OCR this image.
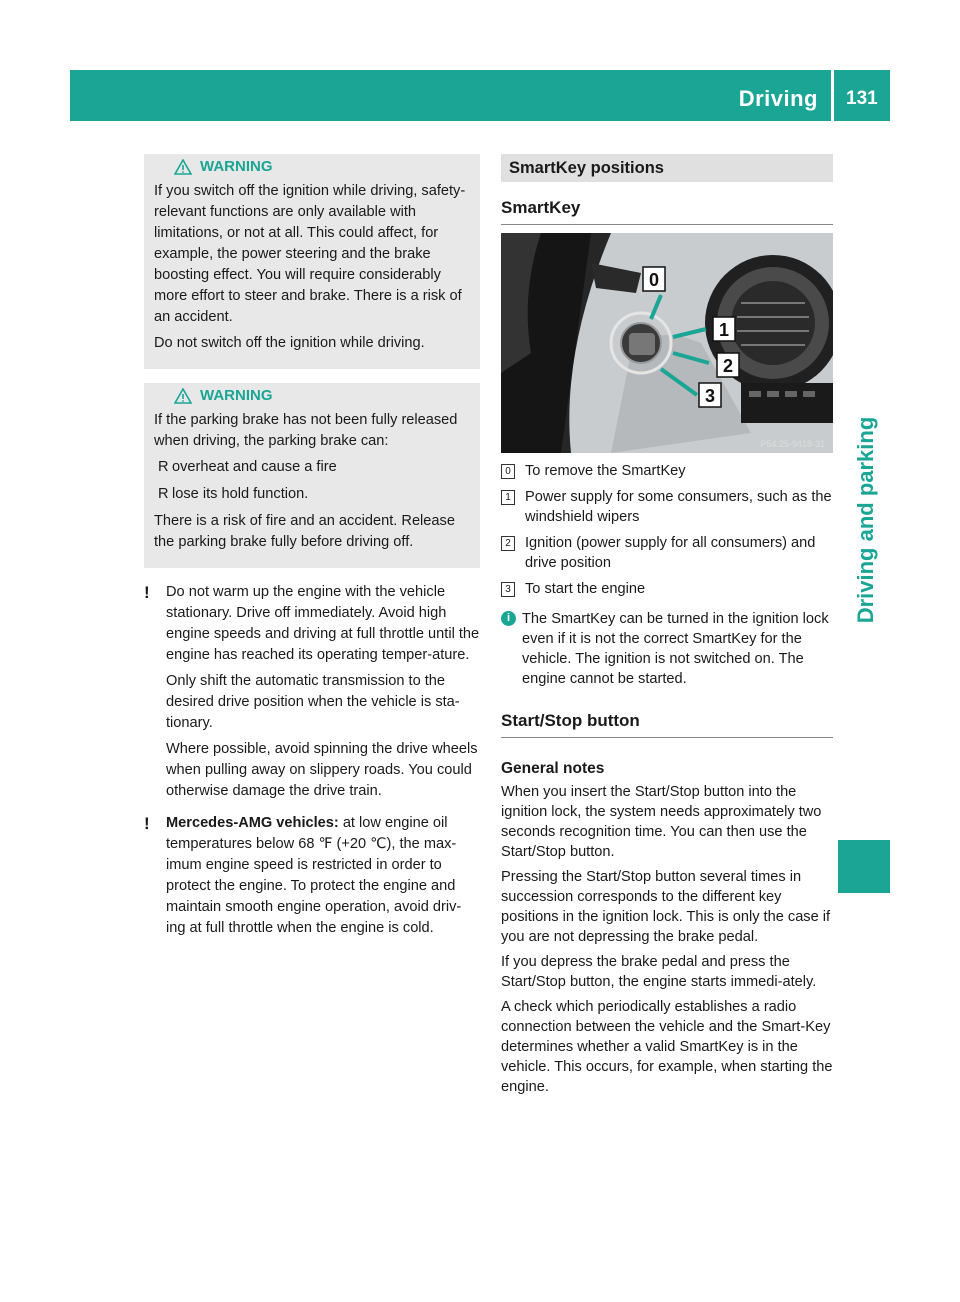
Driving 131
Driving and parking
WARNING

If you switch off the ignition while driving, safety-relevant functions are only available with limitations, or not at all. This could affect, for example, the power steering and the brake boosting effect. You will require considerably more effort to steer and brake. There is a risk of an accident.

Do not switch off the ignition while driving.

WARNING

If the parking brake has not been fully released when driving, the parking brake can:

R overheat and cause a fire
R lose its hold function.

There is a risk of fire and an accident. Release the parking brake fully before driving off.

!	Do not warm up the engine with the vehicle stationary. Drive off immediately. Avoid high engine speeds and driving at full throttle until the engine has reached its operating temper-ature.

Only shift the automatic transmission to the desired drive position when the vehicle is sta-tionary.

Where possible, avoid spinning the drive wheels when pulling away on slippery roads. You could otherwise damage the drive train.

!	Mercedes-AMG vehicles: at low engine oil temperatures below 68 ℉ (+20 ℃), the max-imum engine speed is restricted in order to protect the engine. To protect the engine and maintain smooth engine operation, avoid driv-ing at full throttle when the engine is cold.

SmartKey positions
SmartKey
0
1
2
3
P54.25-9418-31
0 To remove the SmartKey
1 Power supply for some consumers, such as the windshield wipers
2 Ignition (power supply for all consumers) and drive position
3 To start the engine
i The SmartKey can be turned in the ignition lock even if it is not the correct SmartKey for the vehicle. The ignition is not switched on. The engine cannot be started.
Start/Stop button
General notes

When you insert the Start/Stop button into the ignition lock, the system needs approximately two seconds recognition time. You can then use the Start/Stop button.

Pressing the Start/Stop button several times in succession corresponds to the different key positions in the ignition lock. This is only the case if you are not depressing the brake pedal.

If you depress the brake pedal and press the Start/Stop button, the engine starts immedi-ately.

A check which periodically establishes a radio connection between the vehicle and the Smart-Key determines whether a valid SmartKey is in the vehicle. This occurs, for example, when starting the engine.
